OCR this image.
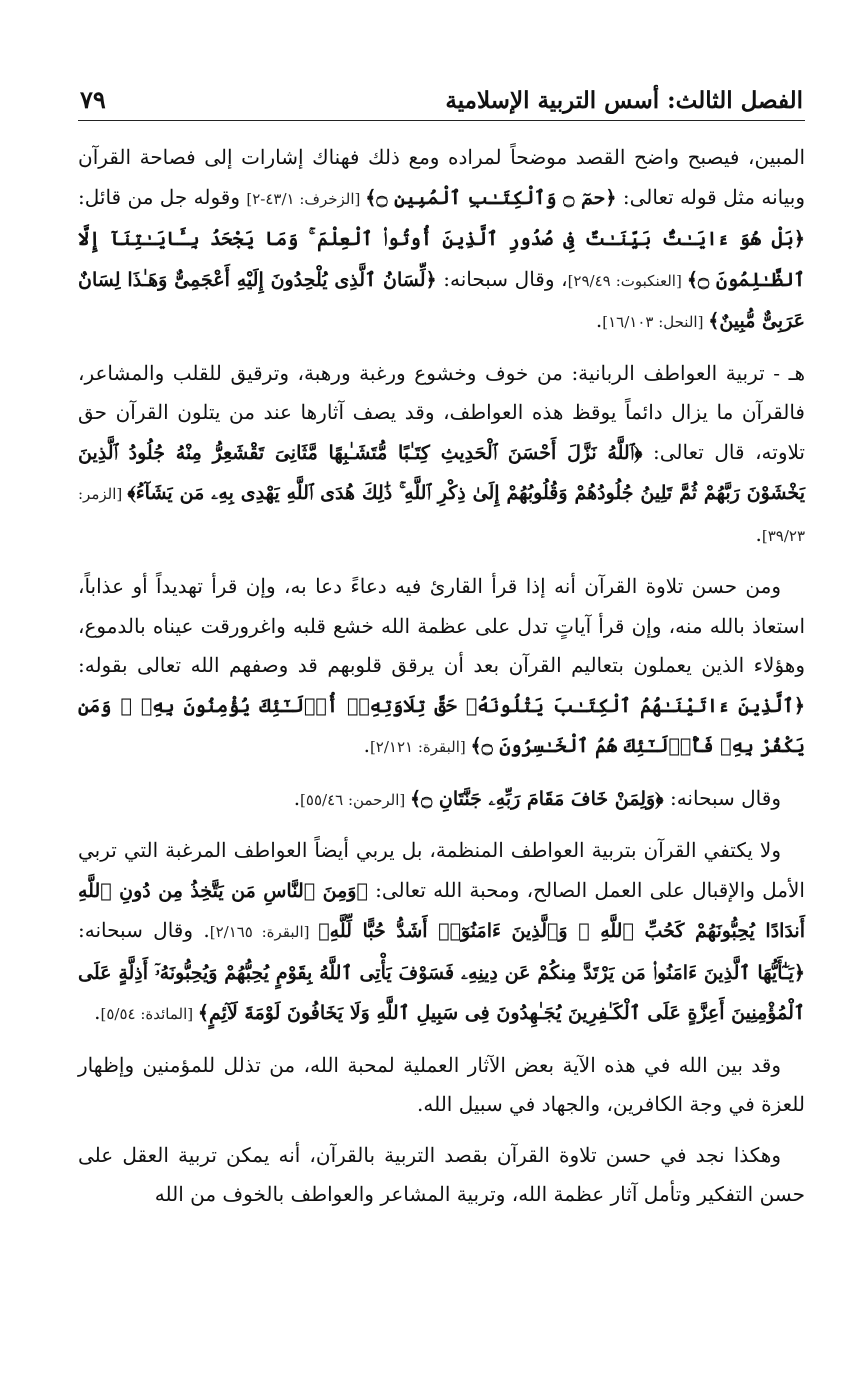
الفصل الثالث: أسس التربية الإسلامية
٧٩

المبين، فيصبح واضح القصد موضحاً لمراده ومع ذلك فهناك إشارات إلى فصاحة القرآن وبيانه مثل قوله تعالى: ﴿حمٓ ۝ وَٱلْكِتَـٰبِ ٱلْمُبِينِ ۝﴾ [الزخرف: ٤٣/١-٢] وقوله جل من قائل: ﴿بَلْ هُوَ ءَايَـٰتٌۢ بَيِّنَـٰتٌ فِى صُدُورِ ٱلَّذِينَ أُوتُوا۟ ٱلْعِلْمَ ۚ وَمَا يَجْحَدُ بِـَٔايَـٰتِنَآ إِلَّا ٱلظَّـٰلِمُونَ ۝﴾ [العنكبوت: ٢٩/٤٩]، وقال سبحانه: ﴿لِّسَانُ ٱلَّذِى يُلْحِدُونَ إِلَيْهِ أَعْجَمِىٌّ وَهَـٰذَا لِسَانٌ عَرَبِىٌّ مُّبِينٌ﴾ [النحل: ١٦/١٠٣].

هـ - تربية العواطف الربانية: من خوف وخشوع ورغبة ورهبة، وترقيق للقلب والمشاعر، فالقرآن ما يزال دائماً يوقظ هذه العواطف، وقد يصف آثارها عند من يتلون القرآن حق تلاوته، قال تعالى: ﴿ٱللَّهُ نَزَّلَ أَحْسَنَ ٱلْحَدِيثِ كِتَـٰبًا مُّتَشَـٰبِهًا مَّثَانِىَ تَقْشَعِرُّ مِنْهُ جُلُودُ ٱلَّذِينَ يَخْشَوْنَ رَبَّهُمْ ثُمَّ تَلِينُ جُلُودُهُمْ وَقُلُوبُهُمْ إِلَىٰ ذِكْرِ ٱللَّهِ ۚ ذَٰلِكَ هُدَى ٱللَّهِ يَهْدِى بِهِۦ مَن يَشَآءُ﴾ [الزمر: ٣٩/٢٣].

ومن حسن تلاوة القرآن أنه إذا قرأ القارئ فيه دعاءً دعا به، وإن قرأ تهديداً أو عذاباً، استعاذ بالله منه، وإن قرأ آياتٍ تدل على عظمة الله خشع قلبه واغرورقت عيناه بالدموع، وهؤلاء الذين يعملون بتعاليم القرآن بعد أن يرقق قلوبهم قد وصفهم الله تعالى بقوله: ﴿ٱلَّذِينَ ءَاتَيْنَـٰهُمُ ٱلْكِتَـٰبَ يَتْلُونَهُۥ حَقَّ تِلَاوَتِهِۦٓ أُو۟لَـٰٓئِكَ يُؤْمِنُونَ بِهِۦ ۗ وَمَن يَكْفُرْ بِهِۦ فَأُو۟لَـٰٓئِكَ هُمُ ٱلْخَـٰسِرُونَ ۝﴾ [البقرة: ٢/١٢١].

وقال سبحانه: ﴿وَلِمَنْ خَافَ مَقَامَ رَبِّهِۦ جَنَّتَانِ ۝﴾ [الرحمن: ٥٥/٤٦].

ولا يكتفي القرآن بتربية العواطف المنظمة، بل يربي أيضاً العواطف المرغبة التي تربي الأمل والإقبال على العمل الصالح، ومحبة الله تعالى: ﴿وَمِنَ ٱلنَّاسِ مَن يَتَّخِذُ مِن دُونِ ٱللَّهِ أَندَادًا يُحِبُّونَهُمْ كَحُبِّ ٱللَّهِ ۖ وَٱلَّذِينَ ءَامَنُوٓا۟ أَشَدُّ حُبًّا لِّلَّهِ﴾ [البقرة: ٢/١٦٥]. وقال سبحانه: ﴿يَـٰٓأَيُّهَا ٱلَّذِينَ ءَامَنُوا۟ مَن يَرْتَدَّ مِنكُمْ عَن دِينِهِۦ فَسَوْفَ يَأْتِى ٱللَّهُ بِقَوْمٍ يُحِبُّهُمْ وَيُحِبُّونَهُۥٓ أَذِلَّةٍ عَلَى ٱلْمُؤْمِنِينَ أَعِزَّةٍ عَلَى ٱلْكَـٰفِرِينَ يُجَـٰهِدُونَ فِى سَبِيلِ ٱللَّهِ وَلَا يَخَافُونَ لَوْمَةَ لَآئِمٍ﴾ [المائدة: ٥/٥٤].

وقد بين الله في هذه الآية بعض الآثار العملية لمحبة الله، من تذلل للمؤمنين وإظهار للعزة في وجة الكافرين، والجهاد في سبيل الله.

وهكذا نجد في حسن تلاوة القرآن بقصد التربية بالقرآن، أنه يمكن تربية العقل على حسن التفكير وتأمل آثار عظمة الله، وتربية المشاعر والعواطف بالخوف من الله
